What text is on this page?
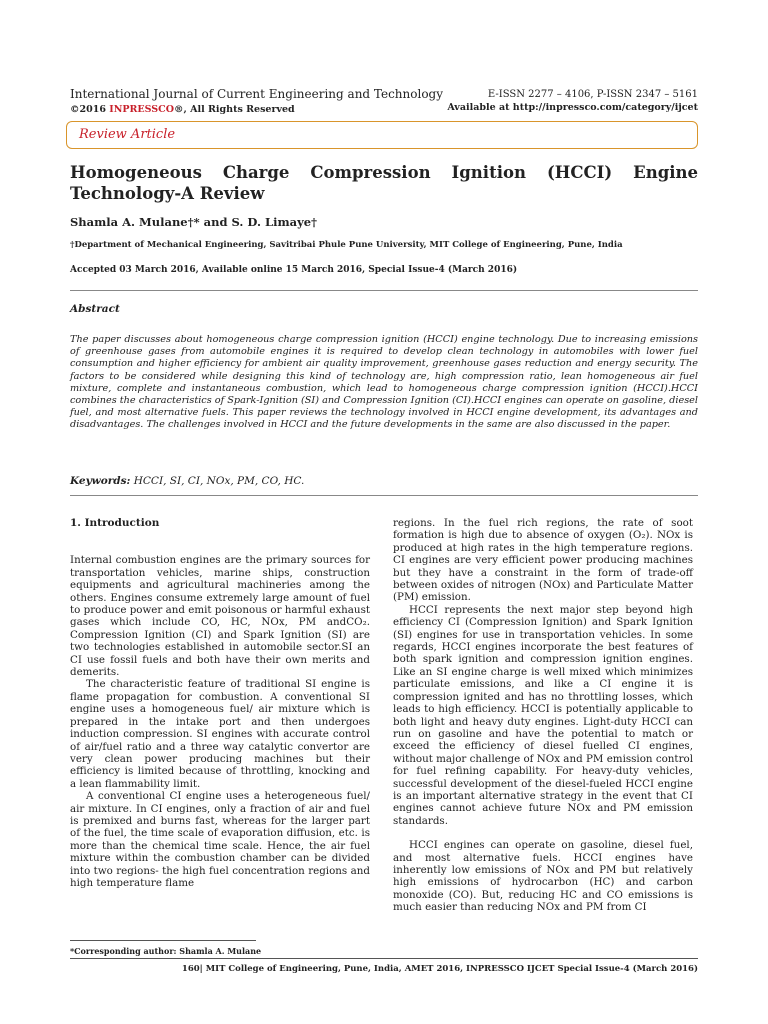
International Journal of Current Engineering and Technology
©2016 INPRESSCO®, All Rights Reserved
E-ISSN 2277 – 4106, P-ISSN 2347 – 5161
Available at http://inpressco.com/category/ijcet
Review Article
Homogeneous Charge Compression Ignition (HCCI) Engine Technology-A Review
Shamla A. Mulane†* and S. D. Limaye†
†Department of Mechanical Engineering, Savitribai Phule Pune University, MIT College of Engineering, Pune, India
Accepted 03 March 2016, Available online 15 March 2016, Special Issue-4 (March 2016)
Abstract
The paper discusses about homogeneous charge compression ignition (HCCI) engine technology. Due to increasing emissions of greenhouse gases from automobile engines it is required to develop clean technology in automobiles with lower fuel consumption and higher efficiency for ambient air quality improvement, greenhouse gases reduction and energy security. The factors to be considered while designing this kind of technology are, high compression ratio, lean homogeneous air fuel mixture, complete and instantaneous combustion, which lead to homogeneous charge compression ignition (HCCI).HCCI combines the characteristics of Spark-Ignition (SI) and Compression Ignition (CI).HCCI engines can operate on gasoline, diesel fuel, and most alternative fuels. This paper reviews the technology involved in HCCI engine development, its advantages and disadvantages. The challenges involved in HCCI and the future developments in the same are also discussed in the paper.
Keywords: HCCI, SI, CI, NOx, PM, CO, HC.

1. Introduction

Internal combustion engines are the primary sources for transportation vehicles, marine ships, construction equipments and agricultural machineries among the others. Engines consume extremely large amount of fuel to produce power and emit poisonous or harmful exhaust gases which include CO, HC, NOx, PM andCO₂. Compression Ignition (CI) and Spark Ignition (SI) are two technologies established in automobile sector.SI an CI use fossil fuels and both have their own merits and demerits.

The characteristic feature of traditional SI engine is flame propagation for combustion. A conventional SI engine uses a homogeneous fuel/ air mixture which is prepared in the intake port and then undergoes induction compression. SI engines with accurate control of air/fuel ratio and a three way catalytic convertor are very clean power producing machines but their efficiency is limited because of throttling, knocking and a lean flammability limit.

A conventional CI engine uses a heterogeneous fuel/ air mixture. In CI engines, only a fraction of air and fuel is premixed and burns fast, whereas for the larger part of the fuel, the time scale of evaporation diffusion, etc. is more than the chemical time scale. Hence, the air fuel mixture within the combustion chamber can be divided into two regions- the high fuel concentration regions and high temperature flame

regions. In the fuel rich regions, the rate of soot formation is high due to absence of oxygen (O₂). NOx is produced at high rates in the high temperature regions. CI engines are very efficient power producing machines but they have a constraint in the form of trade-off between oxides of nitrogen (NOx) and Particulate Matter (PM) emission.

HCCI represents the next major step beyond high efficiency CI (Compression Ignition) and Spark Ignition (SI) engines for use in transportation vehicles. In some regards, HCCI engines incorporate the best features of both spark ignition and compression ignition engines. Like an SI engine charge is well mixed which minimizes particulate emissions, and like a CI engine it is compression ignited and has no throttling losses, which leads to high efficiency. HCCI is potentially applicable to both light and heavy duty engines. Light-duty HCCI can run on gasoline and have the potential to match or exceed the efficiency of diesel fuelled CI engines, without major challenge of NOx and PM emission control for fuel refining capability. For heavy-duty vehicles, successful development of the diesel-fueled HCCI engine is an important alternative strategy in the event that CI engines cannot achieve future NOx and PM emission standards.

HCCI engines can operate on gasoline, diesel fuel, and most alternative fuels. HCCI engines have inherently low emissions of NOx and PM but relatively high emissions of hydrocarbon (HC) and carbon monoxide (CO). But, reducing HC and CO emissions is much easier than reducing NOx and PM from CI

*Corresponding author: Shamla A. Mulane
160| MIT College of Engineering, Pune, India, AMET 2016, INPRESSCO IJCET Special Issue-4 (March 2016)
